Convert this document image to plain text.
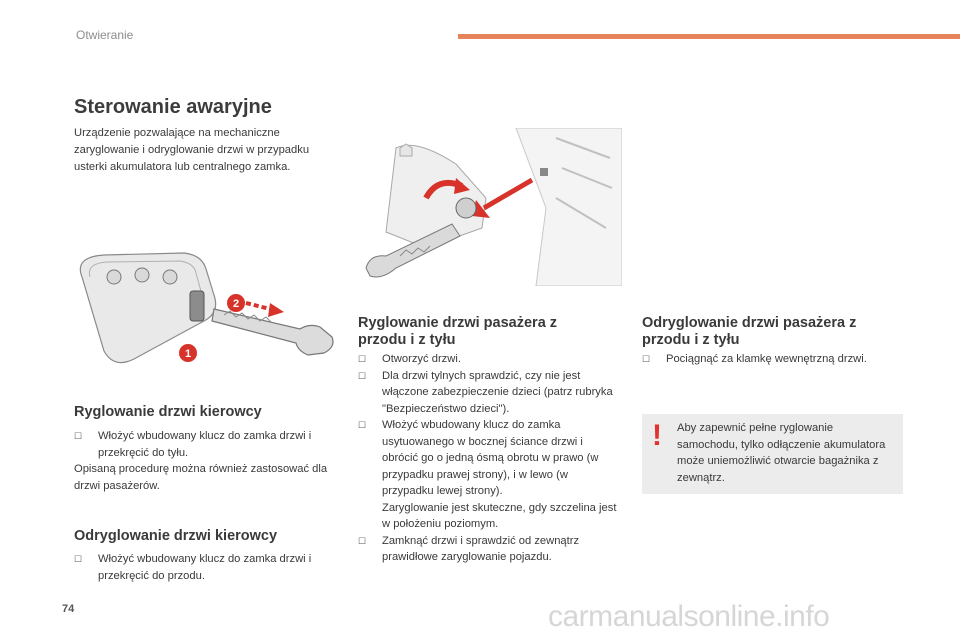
Otwieranie
Sterowanie awaryjne

Urządzenie pozwalające na mechaniczne zaryglowanie i odryglowanie drzwi w przypadku usterki akumulatora lub centralnego zamka.

2
1
Ryglowanie drzwi kierowcy
☐ Włożyć wbudowany klucz do zamka drzwi i przekręcić do tyłu.
Opisaną procedurę można również zastosować dla drzwi pasażerów.
Odryglowanie drzwi kierowcy
☐ Włożyć wbudowany klucz do zamka drzwi i przekręcić do przodu.
Ryglowanie drzwi pasażera z
przodu i z tyłu
☐ Otworzyć drzwi.
☐ Dla drzwi tylnych sprawdzić, czy nie jest włączone zabezpieczenie dzieci (patrz rubryka "Bezpieczeństwo dzieci").
☐ Włożyć wbudowany klucz do zamka usytuowanego w bocznej ściance drzwi i obrócić go o jedną ósmą obrotu w prawo (w przypadku prawej strony), i w lewo (w przypadku lewej strony).
Zaryglowanie jest skuteczne, gdy szczelina jest w położeniu poziomym.
☐ Zamknąć drzwi i sprawdzić od zewnątrz prawidłowe zaryglowanie pojazdu.
Odryglowanie drzwi pasażera z
przodu i z tyłu
☐ Pociągnąć za klamkę wewnętrzną drzwi.
! Aby zapewnić pełne ryglowanie samochodu, tylko odłączenie akumulatora może uniemożliwić otwarcie bagażnika z zewnątrz.

74	carmanualsonline.info
